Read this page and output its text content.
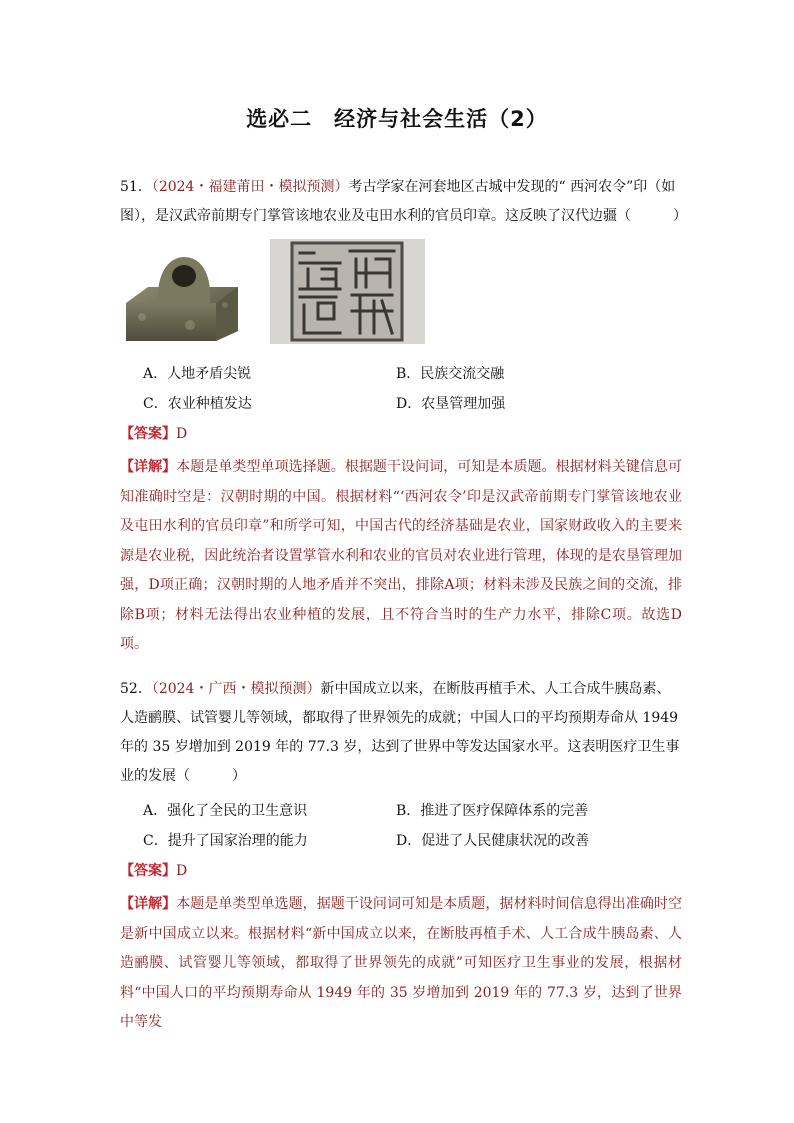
选必二　经济与社会生活（2）
51．（2024・福建莆田・模拟预测）考古学家在河套地区古城中发现的“ 西河农令”印（如图），是汉武帝前期专门掌管该地农业及屯田水利的官员印章。这反映了汉代边疆（　　　）
A．人地矛盾尖锐	B．民族交流交融
C．农业种植发达	D．农垦管理加强
【答案】D
【详解】本题是单类型单项选择题。根据题干设问词，可知是本质题。根据材料关键信息可知准确时空是：汉朝时期的中国。根据材料“‘西河农令’印是汉武帝前期专门掌管该地农业及屯田水利的官员印章”和所学可知，中国古代的经济基础是农业，国家财政收入的主要来源是农业税，因此统治者设置掌管水利和农业的官员对农业进行管理，体现的是农垦管理加强，D项正确；汉朝时期的人地矛盾并不突出，排除A项；材料未涉及民族之间的交流，排除B项；材料无法得出农业种植的发展，且不符合当时的生产力水平，排除C项。故选D项。
52．（2024・广西・模拟预测）新中国成立以来，在断肢再植手术、人工合成牛胰岛素、人造鹂膜、试管婴儿等领域，都取得了世界领先的成就；中国人口的平均预期寿命从 1949 年的 35 岁增加到 2019 年的 77.3 岁，达到了世界中等发达国家水平。这表明医疗卫生事业的发展（　　　）
A．强化了全民的卫生意识	B．推进了医疗保障体系的完善
C．提升了国家治理的能力	D．促进了人民健康状况的改善
【答案】D
【详解】本题是单类型单选题，据题干设问词可知是本质题，据材料时间信息得出准确时空是新中国成立以来。根据材料“新中国成立以来，在断肢再植手术、人工合成牛胰岛素、人造鹂膜、试管婴儿等领域，都取得了世界领先的成就”可知医疗卫生事业的发展，根据材料“中国人口的平均预期寿命从 1949 年的 35 岁增加到 2019 年的 77.3 岁，达到了世界中等发
